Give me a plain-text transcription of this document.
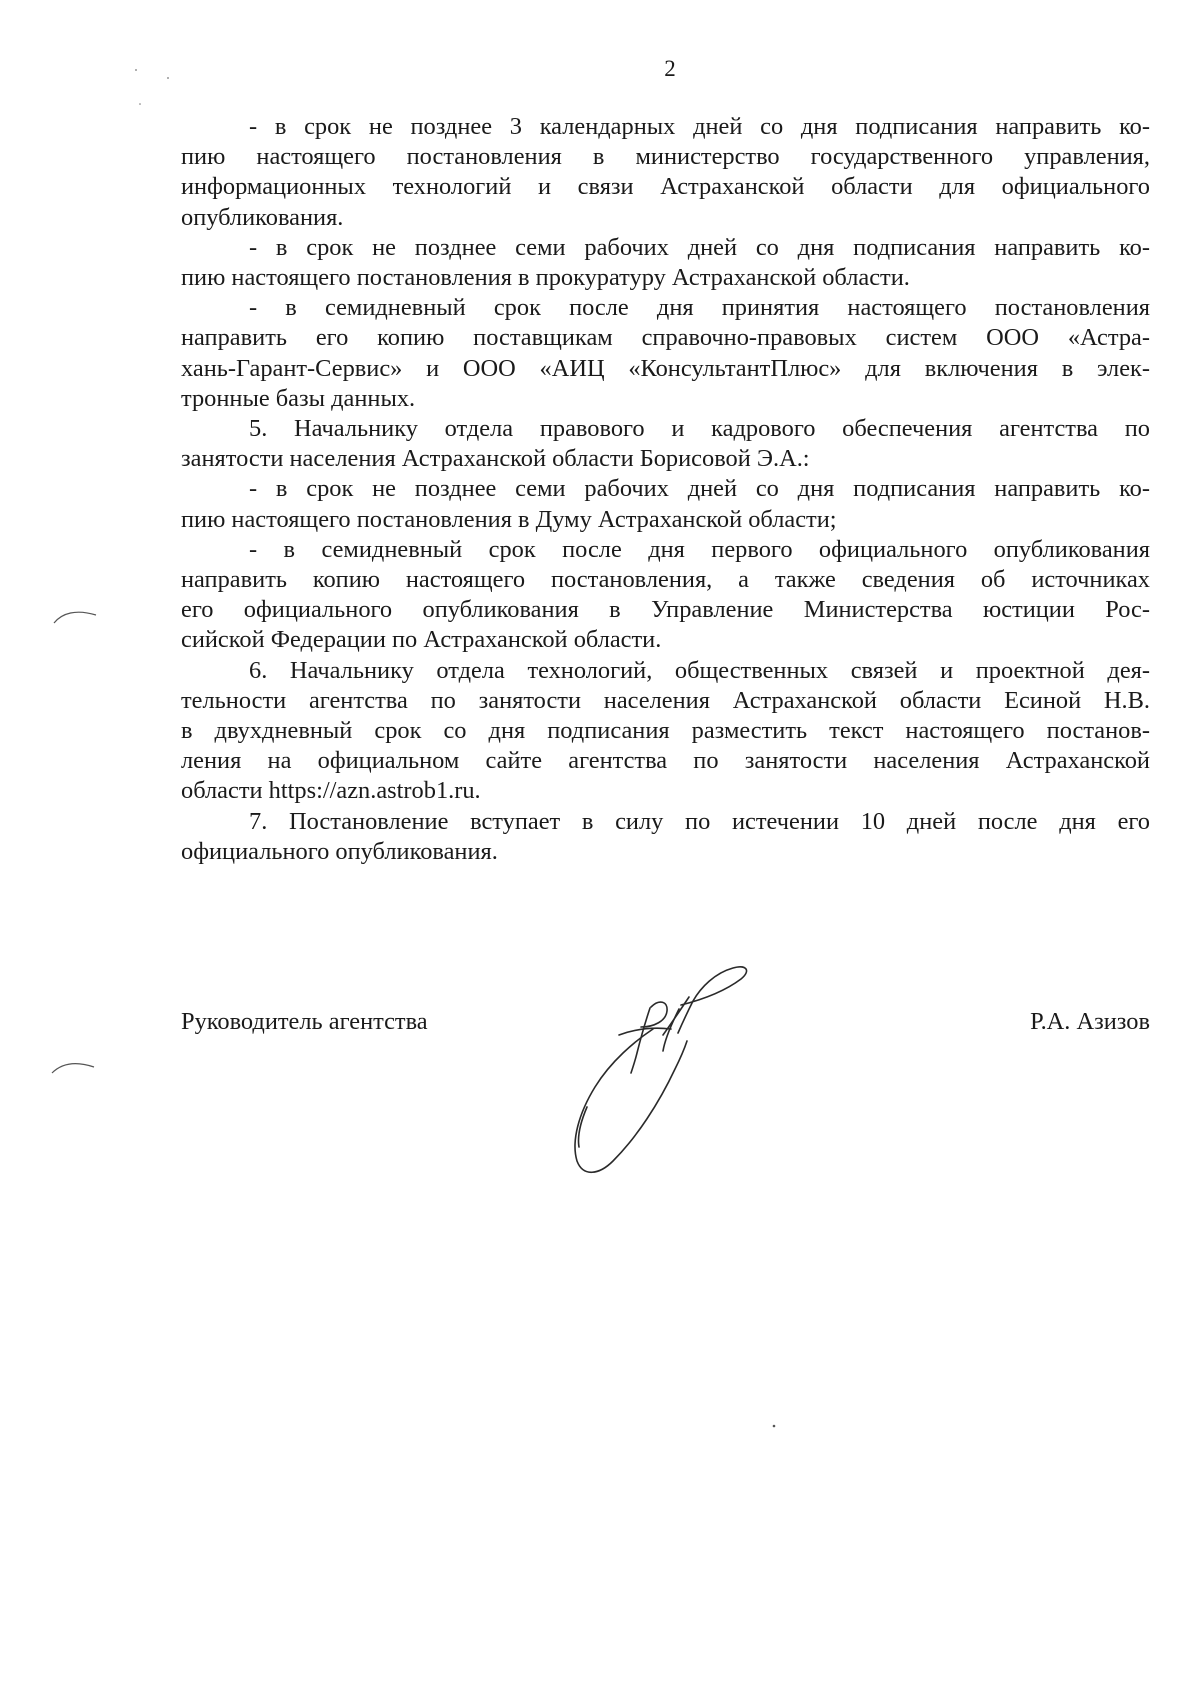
2

- в срок не позднее 3 календарных дней со дня подписания направить ко-
пию настоящего постановления в министерство государственного управления,
информационных технологий и связи Астраханской области для официального
опубликования.

- в срок не позднее семи рабочих дней со дня подписания направить ко-
пию настоящего постановления в прокуратуру Астраханской области.

- в семидневный срок после дня принятия настоящего постановления
направить его копию поставщикам справочно-правовых систем ООО «Астра-
хань-Гарант-Сервис» и ООО «АИЦ «КонсультантПлюс» для включения в элек-
тронные базы данных.

5. Начальнику отдела правового и кадрового обеспечения агентства по
занятости населения Астраханской области Борисовой Э.А.:

- в срок не позднее семи рабочих дней со дня подписания направить ко-
пию настоящего постановления в Думу Астраханской области;

- в семидневный срок после дня первого официального опубликования
направить копию настоящего постановления, а также сведения об источниках
его официального опубликования в Управление Министерства юстиции Рос-
сийской Федерации по Астраханской области.

6. Начальнику отдела технологий, общественных связей и проектной дея-
тельности агентства по занятости населения Астраханской области Есиной Н.В.
в двухдневный срок со дня подписания разместить текст настоящего постанов-
ления на официальном сайте агентства по занятости населения Астраханской
области https://azn.astrob1.ru.

7. Постановление вступает в силу по истечении 10 дней после дня его
официального опубликования.

Руководитель агентства	Р.А. Азизов
